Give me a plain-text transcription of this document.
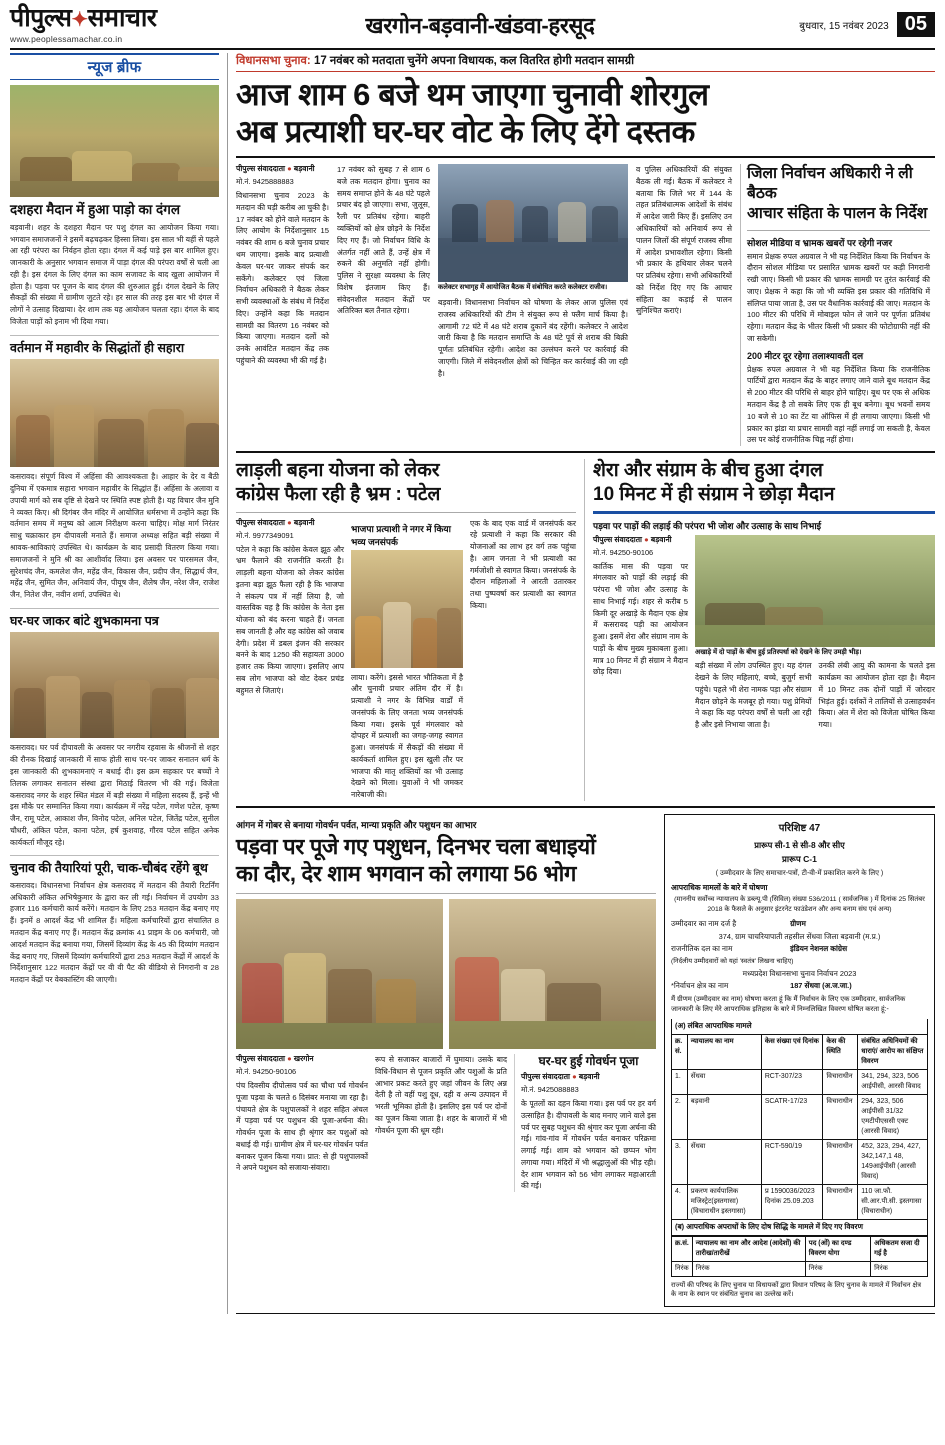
पीपुल्स✦समाचार
www.peoplessamachar.co.in
खरगोन-बड़वानी-खंडवा-हरसूद	बुधवार, 15 नवंबर 2023 05
न्यूज ब्रीफ
दशहरा मैदान में हुआ पाड़ो का दंगल
बड़वानी। शहर के दशहरा मैदान पर पशु दंगल का आयोजन किया गया। भगवान समाजजनों ने इसमें बढ़चढ़कर हिस्सा लिया। इस साल भी यहीं से पहले आ रही परंपरा का निर्वहन होता रहा। दंगल में कई पाड़े इस बार शामिल हुए। जानकारी के अनुसार भगवान समाज में पाड़ा दंगल की परंपरा वर्षों से चली आ रही है। इस दंगल के लिए दंगल का काम सजावट के बाद खुला आयोजन में होता है। पड़वा पर पूजन के बाद दंगल की शुरुआत हुई। दंगल देखने के लिए सैकड़ों की संख्या में ग्रामीण जुटते रहे। हर साल की तरह इस बार भी दंगल में लोगों ने उत्साह दिखाया। देर शाम तक यह आयोजन चलता रहा। दंगल के बाद विजेता पाड़ों को इनाम भी दिया गया।
वर्तमान में महावीर के सिद्धांतों ही सहारा
कसरावद। संपूर्ण विश्व में अहिंसा की आवश्यकता है। आहार के देर व बैठी दुनिया में एकमात्र सहारा भगवान महावीर के सिद्धांत हैं। अहिंसा के अलावा व उपायी मार्ग को सब दृष्टि से देखने पर स्थिति स्पष्ट होती है। यह विचार जैन मुनि ने व्यक्त किए। श्री दिगंबर जैन मंदिर में आयोजित धर्मसभा में उन्होंने कहा कि वर्तमान समय में मनुष्य को आत्म निरीक्षण करना चाहिए। मोक्ष मार्ग निरंतर साधु चक्राकार हम दीपावली मनाते हैं। समाज अध्यक्ष सहित बड़ी संख्या में श्रावक-श्राविकाएं उपस्थित थे। कार्यक्रम के बाद प्रसादी वितरण किया गया। समाजजनों ने मुनि श्री का आशीर्वाद लिया। इस अवसर पर पारसमल जैन, सुरेशचंद जैन, कमलेश जैन, महेंद्र जैन, विकास जैन, प्रदीप जैन, सिद्धार्थ जैन, महेंद्र जैन, सुमित जैन, अनिवार्य जैन, पीयूष जैन, शैलेष जैन, नरेश जैन, राजेश जैन, नितेश जैन, नवीन शर्मा, उपस्थित थे।
घर-घर जाकर बांटे शुभकामना पत्र
कसरावद। घर पर्व दीपावली के अवसर पर नगरीय रहवास के श्रीजनों से शहर की रौनक दिखाई जानकारी में साफ होती साथ पर-पर जाकर सनातन धर्म के इस जानकारी की शुभकामनाएं न बधाई दी। इस क्रम सहकार पर बच्चों ने तिलक लगाकर सनातन संस्था द्वारा मिठाई वितरण भी की गई। विजेता कसरावद नगर के शहर स्थित मंडल में बड़ी संख्या में महिला सदस्य हैं, इन्हें भी इस मौके पर सम्मानित किया गया। कार्यक्रम में नरेंद्र पटेल, गणेश पटेल, कृष्ण जैन, रामू पटेल, आकाश जैन, विनोद पटेल, अनिल पटेल, जितेंद्र पटेल, सुनील चौधरी, अंकित पटेल, काना पटेल, हर्ष कुशवाह, गौरव पटेल सहित अनेक कार्यकर्ता मौजूद रहे।
चुनाव की तैयारियां पूरी, चाक-चौबंद रहेंगे बूथ
कसरावद। विधानसभा निर्वाचन क्षेत्र कसरावद में मतदान की तैयारी रिटर्निंग अधिकारी अंकित अभिषेकुमार के द्वारा कर ली गई। निर्वाचन में उपयोग 33 हजार 116 कर्मचारी कार्य करेंगे। मतदान के लिए 253 मतदान केंद्र बनाए गए हैं। इनमें 8 आदर्श केंद्र भी शामिल हैं। महिला कर्मचारियों द्वारा संचालित 8 मतदान केंद्र बनाए गए हैं। मतदान केंद्र क्रमांक 41 प्राइम के 06 कर्मचारी, जो आदर्श मतदान केंद्र बनाया गया, जिसमें दिव्यांग केंद्र के 45 की दिव्यांग मतदान केंद्र बनाए गए, जिसमें दिव्यांग कर्मचारियों द्वारा 253 मतदान केंद्रों में आदर्श के निर्देशानुसार 122 मतदान केंद्रों पर वी वी पैट की वीडियो से निगरानी व 28 मतदान केंद्रों पर वेबकास्टिंग की जाएगी।
विधानसभा चुनाव: 17 नवंबर को मतदाता चुनेंगे अपना विधायक, कल वितरित होगी मतदान सामग्री
आज शाम 6 बजे थम जाएगा चुनावी शोरगुल
अब प्रत्याशी घर-घर वोट के लिए देंगे दस्तक
पीपुल्स संवाददाता ● बड़वानी
मो.नं. 9425888883
विधानसभा चुनाव 2023 के मतदान की घड़ी करीब आ चुकी है। 17 नवंबर को होने वाले मतदान के लिए आयोग के निर्देशानुसार 15 नवंबर की शाम 6 बजे चुनाव प्रचार थम जाएगा। इसके बाद प्रत्याशी केवल घर-घर जाकर संपर्क कर सकेंगे। कलेक्टर एवं जिला निर्वाचन अधिकारी ने बैठक लेकर सभी व्यवस्थाओं के संबंध में निर्देश दिए। उन्होंने कहा कि मतदान सामग्री का वितरण 16 नवंबर को किया जाएगा। मतदान दलों को उनके आवंटित मतदान केंद्र तक पहुंचाने की व्यवस्था भी की गई है।
17 नवंबर को सुबह 7 से शाम 6 बजे तक मतदान होगा। चुनाव का समय समाप्त होने के 48 घंटे पहले प्रचार बंद हो जाएगा। सभा, जुलूस, रैली पर प्रतिबंध रहेगा। बाहरी व्यक्तियों को क्षेत्र छोड़ने के निर्देश दिए गए हैं। जो निर्वाचन विधि के अंतर्गत नहीं आते हैं, उन्हें क्षेत्र में रुकने की अनुमति नहीं होगी। पुलिस ने सुरक्षा व्यवस्था के लिए विशेष इंतजाम किए हैं। संवेदनशील मतदान केंद्रों पर अतिरिक्त बल तैनात रहेगा।
कलेक्टर सभागृह में आयोजित बैठक में संबोधित करते कलेक्टर राजीव।
बड़वानी। विधानसभा निर्वाचन को घोषणा के लेकर आज पुलिस एवं राजस्व अधिकारियों की टीम ने संयुक्त रूप से फ्लैग मार्च किया है। आगामी 72 घंटे में 48 घंटे शराब दुकानें बंद रहेंगी। कलेक्टर ने आदेश जारी किया है कि मतदान समाप्ति के 48 घंटे पूर्व से शराब की बिक्री पूर्णतः प्रतिबंधित रहेगी। आदेश का उल्लंघन करने पर कार्रवाई की जाएगी। जिले में संवेदनशील क्षेत्रों को चिन्हित कर कार्रवाई की जा रही है।
व पुलिस अधिकारियों की संयुक्त बैठक ली गई। बैठक में कलेक्टर ने बताया कि जिले भर में 144 के तहत प्रतिबंधात्मक आदेशों के संबंध में आदेश जारी किए हैं। इसलिए उन अधिकारियों को अनिवार्य रूप से पालन जिलों की संपूर्ण राजस्व सीमा में आदेश प्रभावशील रहेगा। किसी भी प्रकार के हथियार लेकर चलने पर प्रतिबंध रहेगा। सभी अधिकारियों को निर्देश दिए गए कि आचार संहिता का कड़ाई से पालन सुनिश्चित कराएं।
जिला निर्वाचन अधिकारी ने ली बैठक
आचार संहिता के पालन के निर्देश
सोशल मीडिया व भ्रामक खबरों पर रहेगी नजर
समान प्रेक्षक रुपल अग्रवाल ने भी यह निर्देशित किया कि निर्वाचन के दौरान सोशल मीडिया पर प्रसारित भ्रामक खबरों पर कड़ी निगरानी रखी जाए। किसी भी प्रकार की भ्रामक सामग्री पर तुरंत कार्रवाई की जाए। प्रेक्षक ने कहा कि जो भी व्यक्ति इस प्रकार की गतिविधि में संलिप्त पाया जाता है, उस पर वैधानिक कार्रवाई की जाए। मतदान के 100 मीटर की परिधि में मोबाइल फोन ले जाने पर पूर्णतः प्रतिबंध रहेगा। मतदान केंद्र के भीतर किसी भी प्रकार की फोटोग्राफी नहीं की जा सकेगी।
200 मीटर दूर रहेगा तलाश्यावती दल
प्रेक्षक रुपल अग्रवाल ने भी यह निर्देशित किया कि राजनीतिक पार्टियों द्वारा मतदान केंद्र के बाहर लगाए जाने वाले बूथ मतदान केंद्र से 200 मीटर की परिधि से बाहर होने चाहिए। बूथ पर एक से अधिक मतदान केंद्र है तो सबके लिए एक ही बूथ बनेगा। बूथ भवनों समय 10 बजे से 10 का टेंट या ऑफिस में ही लगाया जाएगा। किसी भी प्रकार का झंडा या प्रचार सामग्री वहां नहीं लगाई जा सकती है, केवल उस पर कोई राजनीतिक चिह्न नहीं होगा।
लाड़ली बहना योजना को लेकर
कांग्रेस फैला रही है भ्रम : पटेल
पीपुल्स संवाददाता ● बड़वानी
मो.नं. 9977349091
पटेल ने कहा कि कांग्रेस केवल झूठ और भ्रम फैलाने की राजनीति करती है। लाड़ली बहना योजना को लेकर कांग्रेस इतना बड़ा झूठ फैला रही है कि भाजपा ने संकल्प पत्र में नहीं लिया है, जो वास्तविक यह है कि कांग्रेस के नेता इस योजना को बंद करना चाहते हैं। जनता सब जानती है और वह कांग्रेस को जवाब देगी। प्रदेश में डबल इंजन की सरकार बनने के बाद 1250 की सहायता 3000 हजार तक किया जाएगा। इसलिए आप सब लोग भाजपा को वोट देकर प्रचंड बहुमत से जिताएं।
भाजपा प्रत्याशी ने नगर में किया भव्य जनसंपर्क
लाया। करेंगे। इससे भारत भौतिकता में है और चुनावी प्रचार अंतिम दौर में है। प्रत्याशी ने नगर के विभिन्न वार्डों में जनसंपर्क के लिए जनता भव्य जनसंपर्क किया गया। इसके पूर्व मंगलवार को दोपहर में प्रत्याशी का जगह-जगह स्वागत हुआ। जनसंपर्क में सैकड़ों की संख्या में कार्यकर्ता शामिल हुए। इस खुली तौर पर भाजपा की मातृ शक्तियों का भी उत्साह देखने को मिला। युवाओं ने भी जमकर नारेबाजी की।
एक के बाद एक वार्ड में जनसंपर्क कर रहे प्रत्याशी ने कहा कि सरकार की योजनाओं का लाभ हर वर्ग तक पहुंचा है। आम जनता ने भी प्रत्याशी का गर्मजोशी से स्वागत किया। जनसंपर्क के दौरान महिलाओं ने आरती उतारकर तथा पुष्पवर्षा कर प्रत्याशी का स्वागत किया।
शेरा और संग्राम के बीच हुआ दंगल
10 मिनट में ही संग्राम ने छोड़ा मैदान
पड़वा पर पाड़ों की लड़ाई की परंपरा भी जोश और उत्साह के साथ निभाई
पीपुल्स संवाददाता ● बड़वानी
मो.नं. 94250-90106
कार्तिक मास की पड़वा पर मंगलवार को पाड़ों की लड़ाई की परंपरा भी जोश और उत्साह के साथ निभाई गई। शहर से करीब 5 किमी दूर अखाड़े के मैदान एक क्षेत्र में कसरावद पड़ी का आयोजन हुआ। इसमें शेरा और संग्राम नाम के पाड़ों के बीच मुख्य मुकाबला हुआ। मात्र 10 मिनट में ही संग्राम ने मैदान छोड़ दिया।
अखाड़े में दो पाड़ों के बीच हुई प्रतिस्पर्धा को देखने के लिए उमड़ी भीड़।
बड़ी संख्या में लोग उपस्थित हुए। यह दंगल देखने के लिए महिलाएं, बच्चे, बुजुर्ग सभी पहुंचे। पहले भी शेरा नामक पड़ा और संग्राम मैदान छोड़ने के मजबूर हो गया। पशु प्रेमियों ने कहा कि यह परंपरा वर्षों से चली आ रही है और इसे निभाया जाता है।
उनकी लंबी आयु की कामना के चलते इस कार्यक्रम का आयोजन होता रहा है। मैदान में 10 मिनट तक दोनों पाड़ों में जोरदार भिड़ंत हुई। दर्शकों ने तालियों से उत्साहवर्धन किया। अंत में शेरा को विजेता घोषित किया गया।
आंगन में गोबर से बनाया गोवर्धन पर्वत, मान्या प्रकृति और पशुधन का आभार
पड़वा पर पूजे गए पशुधन, दिनभर चला बधाइयों
का दौर, देर शाम भगवान को लगाया 56 भोग
पीपुल्स संवाददाता ● खरगोन
मो.नं. 94250-90106
पंच दिवसीय दीपोत्सव पर्व का चौथा पर्व गोवर्धन पूजा पड़वा के चलते 6 दिसंबर मनाया जा रहा है। पंचायते क्षेत्र के पशुपालकों ने शहर सहित अंचल में पड़वा पर्व पर पशुधन की पूजा-अर्चना की। गोवर्धन पूजा के साथ ही श्रृंगार कर पशुओं को बधाई दी गई। ग्रामीण क्षेत्र में घर-घर गोवर्धन पर्वत बनाकर पूजन किया गया। प्रात: से ही पशुपालकों ने अपने पशुधन को सजाया-संवारा।
रूप से सजाकर बाजारों में घुमाया। उसके बाद विधि-विधान से पूजन प्रकृति और पशुओं के प्रति आभार प्रकट करते हुए जहां जीवन के लिए अन्न देती है तो वहीं पशु दूध, दही व अन्य उत्पादन में भरती भूमिका होती है। इसलिए इस पर्व पर दोनों का पूजन किया जाता है। शहर के बाजारों में भी गोवर्धन पूजा की धूम रही।
घर-घर हुई गोवर्धन पूजा
पीपुल्स संवाददाता ● बड़वानी
मो.नं. 9425088883
के पूतलों का दहन किया गया। इस पर्व पर हर वर्ग उत्साहित है। दीपावली के बाद मनाए जाने वाले इस पर्व पर सुबह पशुधन की श्रृंगार कर पूजा अर्चना की गई। गांव-गांव में गोवर्धन पर्वत बनाकर परिक्रमा लगाई गई। शाम को भगवान को छप्पन भोग लगाया गया। मंदिरों में भी श्रद्धालुओं की भीड़ रही। देर शाम भगवान को 56 भोग लगाकर महाआरती की गई।
परिशिष्ट 47
प्रारूप सी-1 से सी-8 और सीए
प्रारूप C-1
( उम्मीदवार के लिए समाचार-पत्रों, टी-वी-में प्रकाशित करने के लिए )
आपराधिक मामलों के बारे में घोषणा
(माननीय सर्वोच्च न्यायालय के डब्ल्यू.पी (सिविल) संख्या 536/2011 ( सार्वजनिक ) में दिनांक 25 सितंबर 2018 के फैसले के अनुसार इंटरनेट फाउंडेशन और अन्य बनाम संघ एवं अन्य)
उम्मीदवार का नाम दर्ज है	ग्रीणम
374, ग्राम चाचरियापाती तहसील सेंधवा जिला बड़वानी (म.प्र.)
राजनीतिक दल का नाम	इंडियन नेशनल कांग्रेस
(निर्दलीय उम्मीदवारों को यहां 'स्वतंत्र' लिखना चाहिए)
मध्यप्रदेश विधानसभा चुनाव निर्वाचन 2023
*निर्वाचन क्षेत्र का नाम	187 सेंधवा (अ.ज.जा.)
मैं ग्रीणम (उम्मीदवार का नाम) घोषणा करता हूं कि मैं निर्वाचन के लिए एक उम्मीदवार, सार्वजनिक जानकारी के लिए मेरे आपराधिक इतिहास के बारे में निम्नलिखित विवरण घोषित करता हूं:-
(अ) लंबित आपराधिक मामले
क्र. सं.	न्यायालय का नाम	केस संख्या एवं दिनांक	केस की स्थिति	संबंधित अधिनियमों की धाराएं/ आरोप का संक्षिप्त विवरण
1.	सेंधवा	RCT-307/23	विचाराधीन	341, 294, 323, 506 आईपीसी, आरसी विवाद
2.	बड़वानी	SCATR-17/23	विचाराधीन	294, 323, 506 आईपीसी 31/32 एमटीपीएससी एक्ट (आरसी विवाद)
3.	सेंधवा	RCT-590/19	विचाराधीन	452, 323, 294, 427, 342,147,1 48, 149आईपीसी (आरसी विवाद)
4.	प्रकरण कार्यपालिक मजिस्ट्रेट(इस्तगासा) (विचाराधीन इस्तगासा)	प्र 1590036/2023 दिनांक 25.09.203	विचाराधीन	110 जा.फौ. सी.आर.पी.सी. इस्तगासा (विचाराधीन)
(ब) आपराधिक अपराधों के लिए दोष सिद्धि के मामले में दिए गए विवरण
क्र.सं.	न्यायालय का नाम और आदेश (आदेशों) की तारीख/तारीखें	पद (ओं) का दण्ड विवरण योगा	अधिकतम सजा दी गई है
निरंक	निरंक	निरंक	निरंक
राज्यों की परिषद के लिए चुनाव या विधायकों द्वारा विधान परिषद के लिए चुनाव के मामले में निर्वाचन क्षेत्र के नाम के स्थान पर संबंधित चुनाव का उल्लेख करें।
